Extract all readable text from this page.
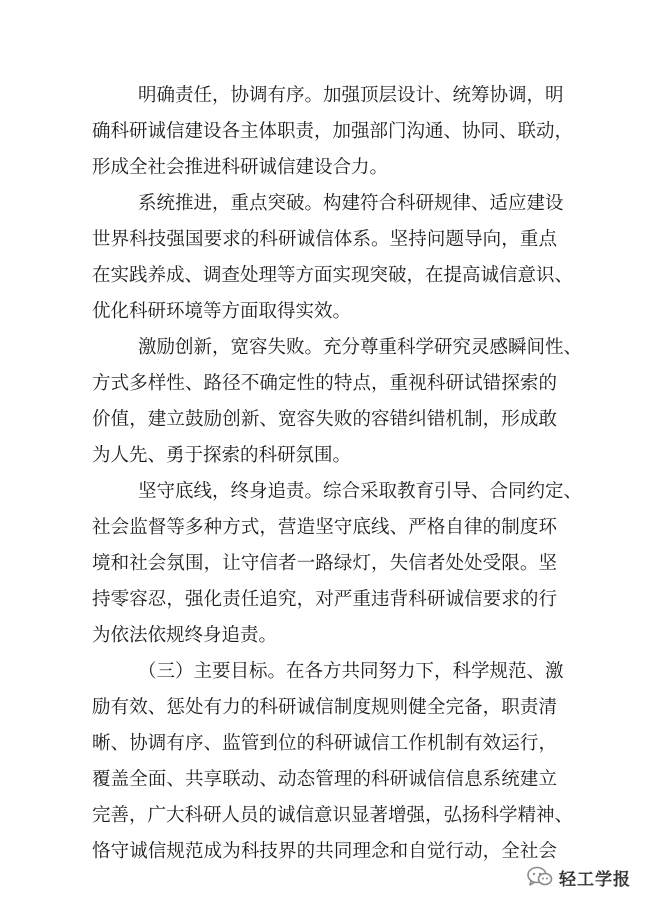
明确责任，协调有序。加强顶层设计、统筹协调，明
确科研诚信建设各主体职责，加强部门沟通、协同、联动，
形成全社会推进科研诚信建设合力。
系统推进，重点突破。构建符合科研规律、适应建设
世界科技强国要求的科研诚信体系。坚持问题导向，重点
在实践养成、调查处理等方面实现突破，在提高诚信意识、
优化科研环境等方面取得实效。
激励创新，宽容失败。充分尊重科学研究灵感瞬间性、
方式多样性、路径不确定性的特点，重视科研试错探索的
价值，建立鼓励创新、宽容失败的容错纠错机制，形成敢
为人先、勇于探索的科研氛围。
坚守底线，终身追责。综合采取教育引导、合同约定、
社会监督等多种方式，营造坚守底线、严格自律的制度环
境和社会氛围，让守信者一路绿灯，失信者处处受限。坚
持零容忍，强化责任追究，对严重违背科研诚信要求的行
为依法依规终身追责。
（三）主要目标。在各方共同努力下，科学规范、激
励有效、惩处有力的科研诚信制度规则健全完备，职责清
晰、协调有序、监管到位的科研诚信工作机制有效运行，
覆盖全面、共享联动、动态管理的科研诚信信息系统建立
完善，广大科研人员的诚信意识显著增强，弘扬科学精神、
恪守诚信规范成为科技界的共同理念和自觉行动，全社会
轻工学报
